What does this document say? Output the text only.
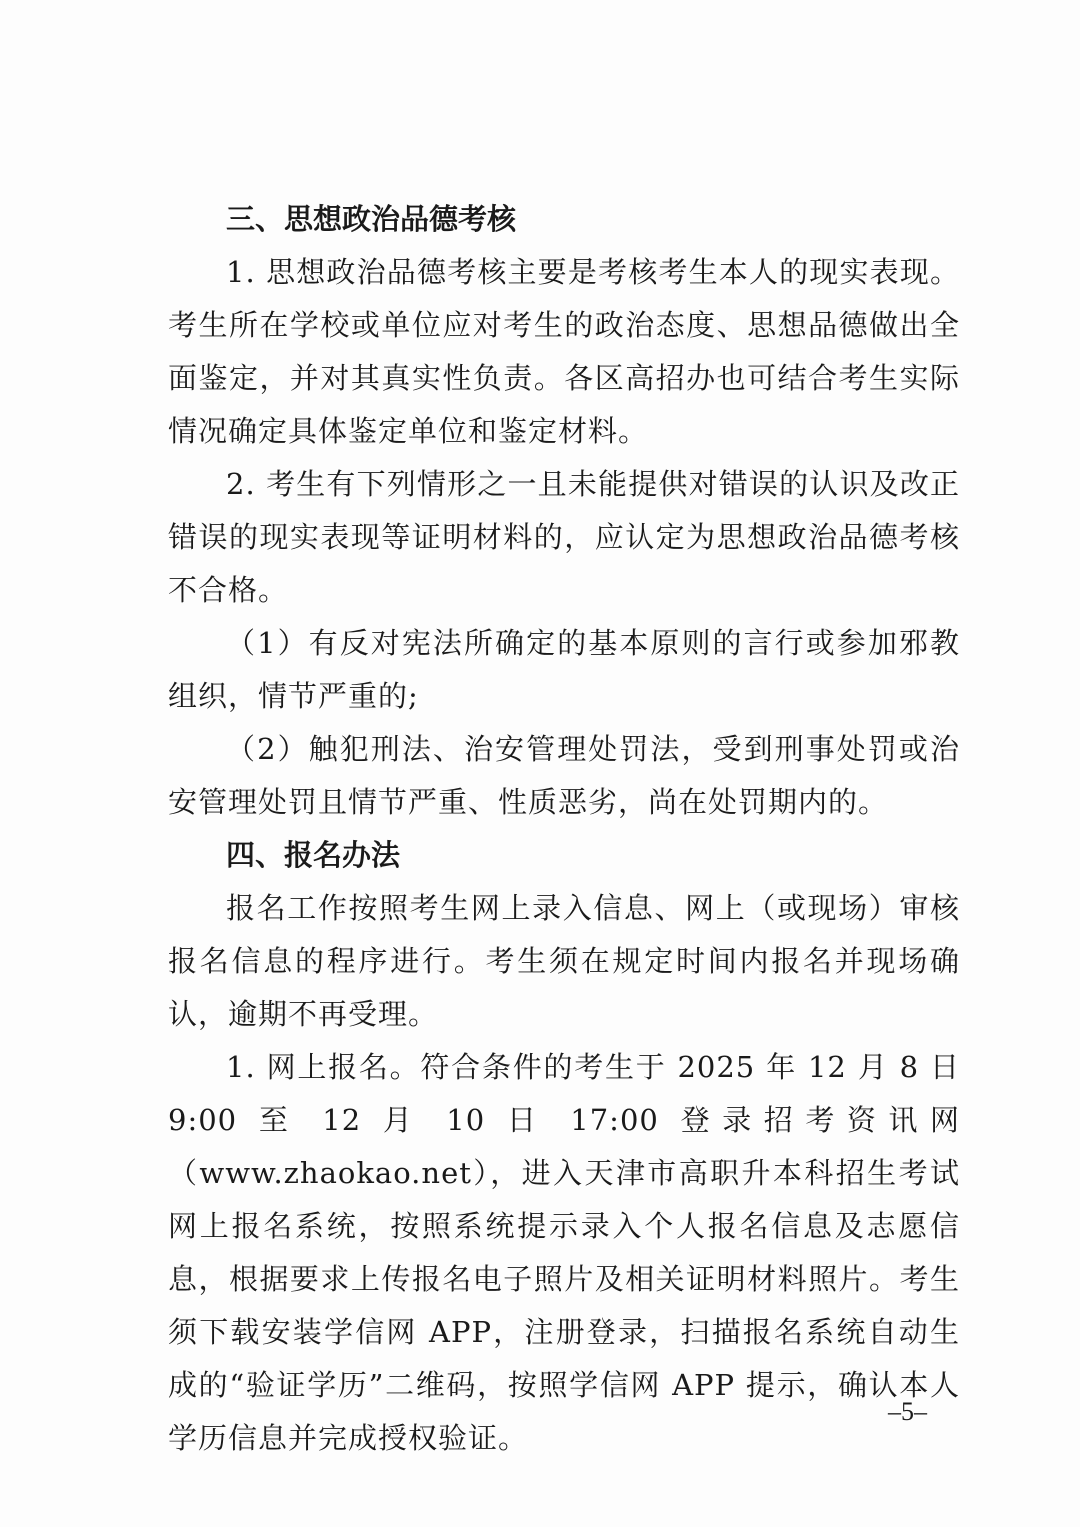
三、思想政治品德考核

1. 思想政治品德考核主要是考核考生本人的现实表现。考生所在学校或单位应对考生的政治态度、思想品德做出全面鉴定，并对其真实性负责。各区高招办也可结合考生实际情况确定具体鉴定单位和鉴定材料。

2. 考生有下列情形之一且未能提供对错误的认识及改正错误的现实表现等证明材料的，应认定为思想政治品德考核不合格。

（1）有反对宪法所确定的基本原则的言行或参加邪教组织，情节严重的;

（2）触犯刑法、治安管理处罚法，受到刑事处罚或治安管理处罚且情节严重、性质恶劣，尚在处罚期内的。

四、报名办法

报名工作按照考生网上录入信息、网上（或现场）审核报名信息的程序进行。考生须在规定时间内报名并现场确认，逾期不再受理。

1. 网上报名。符合条件的考生于 2025 年 12 月 8 日 9:00 至 12 月 10 日 17:00 登录招考资讯网（www.zhaokao.net），进入天津市高职升本科招生考试网上报名系统，按照系统提示录入个人报名信息及志愿信息，根据要求上传报名电子照片及相关证明材料照片。考生须下载安装学信网 APP，注册登录，扫描报名系统自动生成的“验证学历”二维码，按照学信网 APP 提示，确认本人学历信息并完成授权验证。

–5–
